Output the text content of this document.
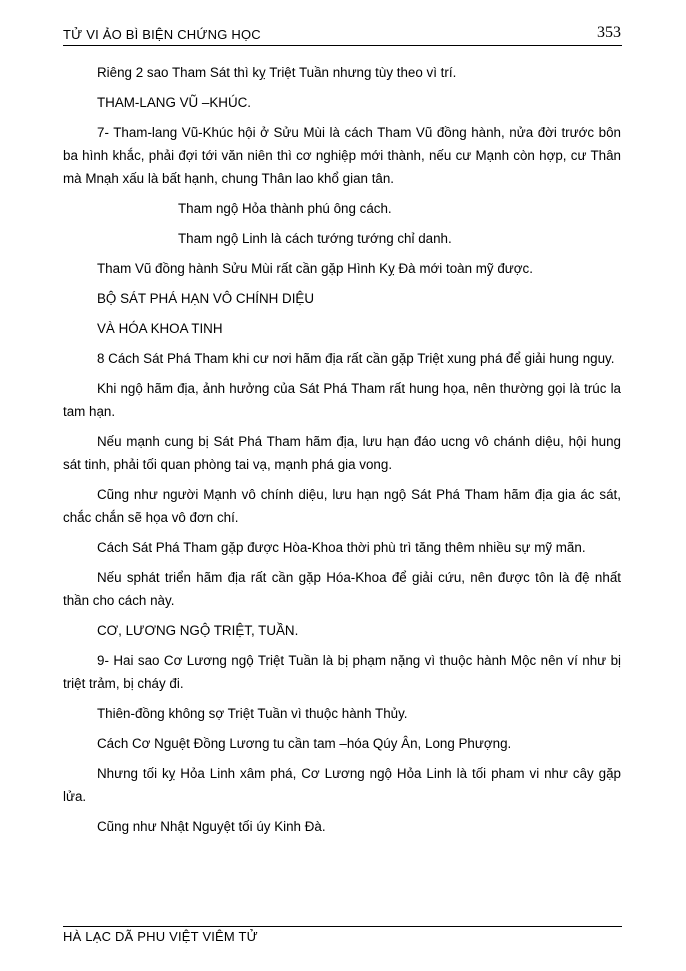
TỬ VI ẢO BÌ BIỆN CHỨNG HỌC	353

Riêng 2 sao Tham Sát thì kỵ Triệt Tuần nhưng tùy theo vì trí.

THAM-LANG VŨ –KHÚC.

7- Tham-lang Vũ-Khúc hội ở Sửu Mùi là cách Tham Vũ đồng hành, nửa đời trước bôn ba hình khắc, phải đợi tới văn niên thì cơ nghiệp mới thành, nếu cư Mạnh còn hợp, cư Thân mà Mnạh xấu là bất hạnh, chung Thân lao khổ gian tân.

Tham ngộ Hỏa thành phú ông cách.

Tham ngộ Linh là cách tướng tướng chỉ danh.

Tham Vũ đồng hành Sửu Mùi rất cần gặp Hình Kỵ Đà mới toàn mỹ được.

BỘ SÁT PHÁ HẠN VÔ CHÍNH DIỆU

VÀ HÓA KHOA TINH

8 Cách Sát Phá Tham khi cư nơi hãm địa rất cần gặp Triệt xung phá để giải hung nguy.

Khi ngộ hãm địa, ảnh hưởng của Sát Phá Tham rất hung họa, nên thường gọi là trúc la tam hạn.

Nếu mạnh cung bị Sát Phá Tham hãm địa, lưu hạn đáo ucng vô chánh diệu, hội hung sát tinh, phải tối quan phòng tai vạ, mạnh phá gia vong.

Cũng như người Mạnh vô chính diệu, lưu hạn ngộ Sát Phá Tham hãm địa gia ác sát, chắc chắn sẽ họa vô đơn chí.

Cách Sát Phá Tham gặp được Hòa-Khoa thời phù trì tăng thêm nhiều sự mỹ mãn.

Nếu sphát triển hãm địa rất cần gặp Hóa-Khoa để giải cứu, nên được tôn là đệ nhất thần cho cách này.

CƠ, LƯƠNG NGỘ TRIỆT, TUẦN.

9- Hai sao Cơ Lương ngộ Triệt Tuần là bị phạm nặng vì thuộc hành Mộc nên ví như bị triệt trảm, bị cháy đi.

Thiên-đồng không sợ Triệt Tuần vì thuộc hành Thủy.

Cách Cơ Nguệt Đồng Lương tu cần tam –hóa Qúy Ân, Long Phượng.

Nhưng tối kỵ Hỏa Linh xâm phá, Cơ Lương ngộ Hỏa Linh là tối pham vi như cây gặp lửa.

Cũng như Nhật Nguyệt tối úy Kinh Đà.

HÀ LẠC DÃ PHU VIỆT VIÊM TỬ
